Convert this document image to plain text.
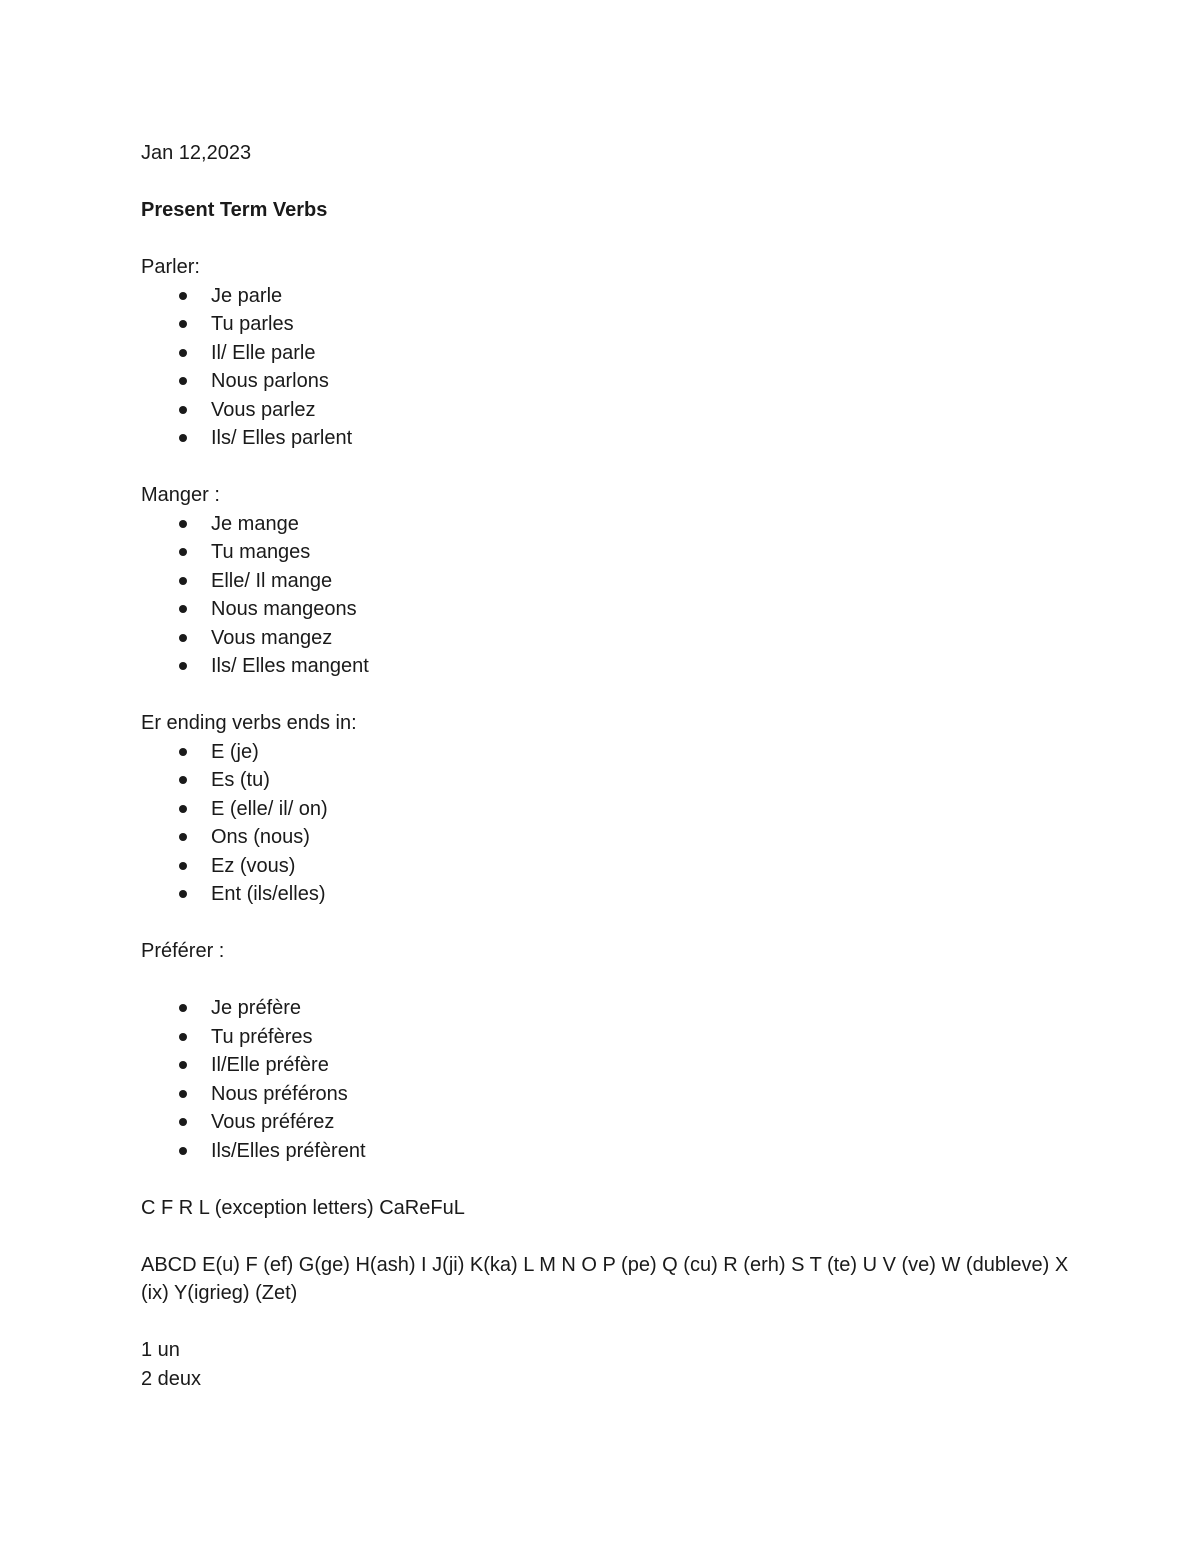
Jan 12,2023

Present Term Verbs

Parler:

Je parle
Tu parles
Il/ Elle parle
Nous parlons
Vous parlez
Ils/ Elles parlent

Manger :

Je mange
Tu manges
Elle/ Il mange
Nous mangeons
Vous mangez
Ils/ Elles mangent

Er ending verbs ends in:

E (je)
Es (tu)
E (elle/ il/ on)
Ons (nous)
Ez (vous)
Ent (ils/elles)

Préférer :

Je préfère
Tu préfères
Il/Elle préfère
Nous préférons
Vous préférez
Ils/Elles préfèrent

C F R L (exception letters) CaReFuL

ABCD E(u) F (ef) G(ge) H(ash) I J(ji) K(ka) L M N O P (pe) Q (cu) R (erh) S T (te) U V (ve) W (dubleve) X (ix) Y(igrieg) (Zet)

1 un

2 deux
